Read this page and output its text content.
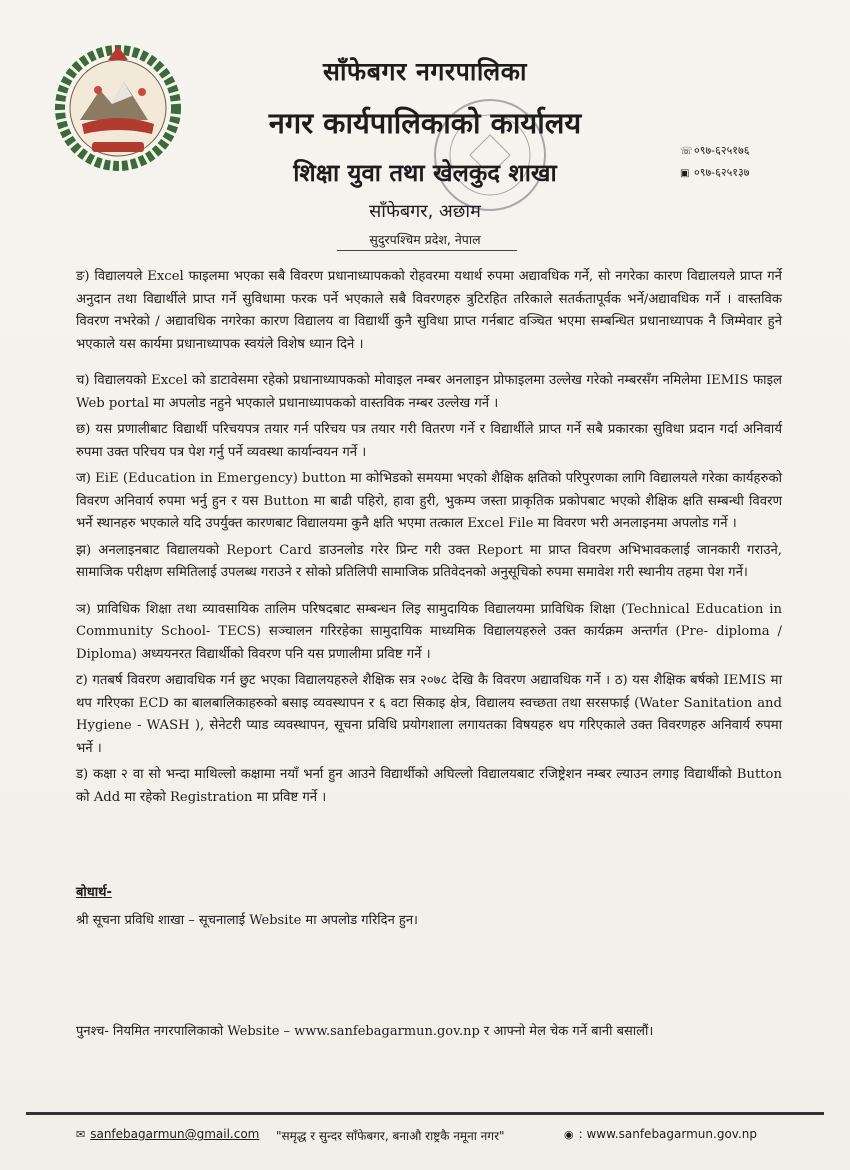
साँफेबगर नगरपालिका
नगर कार्यपालिकाको कार्यालय
शिक्षा युवा तथा खेलकुद शाखा
साँफेबगर, अछाम
सुदुरपश्चिम प्रदेश, नेपाल
☏०९७-६२५१७६
▣ ०९७-६२५१३७

ङ) विद्यालयले Excel फाइलमा भएका सबै विवरण प्रधानाध्यापकको रोहवरमा यथार्थ रुपमा अद्यावधिक गर्ने, सो नगरेका कारण विद्यालयले प्राप्त गर्ने अनुदान तथा विद्यार्थीले प्राप्त गर्ने सुविधामा फरक पर्ने भएकाले सबै विवरणहरु त्रुटिरहित तरिकाले सतर्कतापूर्वक भर्ने/अद्यावधिक गर्ने । वास्तविक विवरण नभरेको / अद्यावधिक नगरेका कारण विद्यालय वा विद्यार्थी कुनै सुविधा प्राप्त गर्नबाट वञ्चित भएमा सम्बन्धित प्रधानाध्यापक नै जिम्मेवार हुने भएकाले यस कार्यमा प्रधानाध्यापक स्वयंले विशेष ध्यान दिने ।

च) विद्यालयको Excel को डाटावेसमा रहेको प्रधानाध्यापकको मोवाइल नम्बर अनलाइन प्रोफाइलमा उल्लेख गरेको नम्बरसँग नमिलेमा IEMIS फाइल Web portal मा अपलोड नहुने भएकाले प्रधानाध्यापकको वास्तविक नम्बर उल्लेख गर्ने ।

छ) यस प्रणालीबाट विद्यार्थी परिचयपत्र तयार गर्न परिचय पत्र तयार गरी वितरण गर्ने र विद्यार्थीले प्राप्त गर्ने सबै प्रकारका सुविधा प्रदान गर्दा अनिवार्य रुपमा उक्त परिचय पत्र पेश गर्नु पर्ने व्यवस्था कार्यान्वयन गर्ने ।

ज) EiE (Education in Emergency) button मा कोभिडको समयमा भएको शैक्षिक क्षतिको परिपुरणका लागि विद्यालयले गरेका कार्यहरुको विवरण अनिवार्य रुपमा भर्नु हुन र यस Button मा बाढी पहिरो, हावा हुरी, भुकम्प जस्ता प्राकृतिक प्रकोपबाट भएको शैक्षिक क्षति सम्बन्धी विवरण भर्ने स्थानहरु भएकाले यदि उपर्युक्त कारणबाट विद्यालयमा कुनै क्षति भएमा तत्काल Excel File मा विवरण भरी अनलाइनमा अपलोड गर्ने ।

झ) अनलाइनबाट विद्यालयको Report Card डाउनलोड गरेर प्रिन्ट गरी उक्त Report मा प्राप्त विवरण अभिभावकलाई जानकारी गराउने, सामाजिक परीक्षण समितिलाई उपलब्ध गराउने र सोको प्रतिलिपी सामाजिक प्रतिवेदनको अनुसूचिको रुपमा समावेश गरी स्थानीय तहमा पेश गर्ने।

ञ) प्राविधिक शिक्षा तथा व्यावसायिक तालिम परिषदबाट सम्बन्धन लिइ सामुदायिक विद्यालयमा प्राविधिक शिक्षा (Technical Education in Community School- TECS) सञ्चालन गरिरहेका सामुदायिक माध्यमिक विद्यालयहरुले उक्त कार्यक्रम अन्तर्गत (Pre- diploma / Diploma) अध्ययनरत विद्यार्थीको विवरण पनि यस प्रणालीमा प्रविष्ट गर्ने ।

ट) गतबर्ष विवरण अद्यावधिक गर्न छुट भएका विद्यालयहरुले शैक्षिक सत्र २०७८ देखि कै विवरण अद्यावधिक गर्ने । ठ) यस शैक्षिक बर्षको IEMIS मा थप गरिएका ECD का बालबालिकाहरुको बसाइ व्यवस्थापन र ६ वटा सिकाइ क्षेत्र, विद्यालय स्वच्छता तथा सरसफाई (Water Sanitation and Hygiene - WASH ), सेनेटरी प्याड व्यवस्थापन, सूचना प्रविधि प्रयोगशाला लगायतका विषयहरु थप गरिएकाले उक्त विवरणहरु अनिवार्य रुपमा भर्ने ।

ड) कक्षा २ वा सो भन्दा माथिल्लो कक्षामा नयाँ भर्ना हुन आउने विद्यार्थीको अघिल्लो विद्यालयबाट रजिष्ट्रेशन नम्बर ल्याउन लगाइ विद्यार्थीको Button को Add मा रहेको Registration मा प्रविष्ट गर्ने ।

बोधार्थ-
श्री सूचना प्रविधि शाखा – सूचनालाई Website मा अपलोड गरिदिन हुन।
पुनश्च- नियमित नगरपालिकाको Website – www.sanfebagarmun.gov.np र आफ्नो मेल चेक गर्ने बानी बसालौं।
✉ sanfebagarmun@gmail.com "समृद्ध र सुन्दर साँफेबगर, बनाऔ राष्ट्रकै नमूना नगर"	◉ : www.sanfebagarmun.gov.np
